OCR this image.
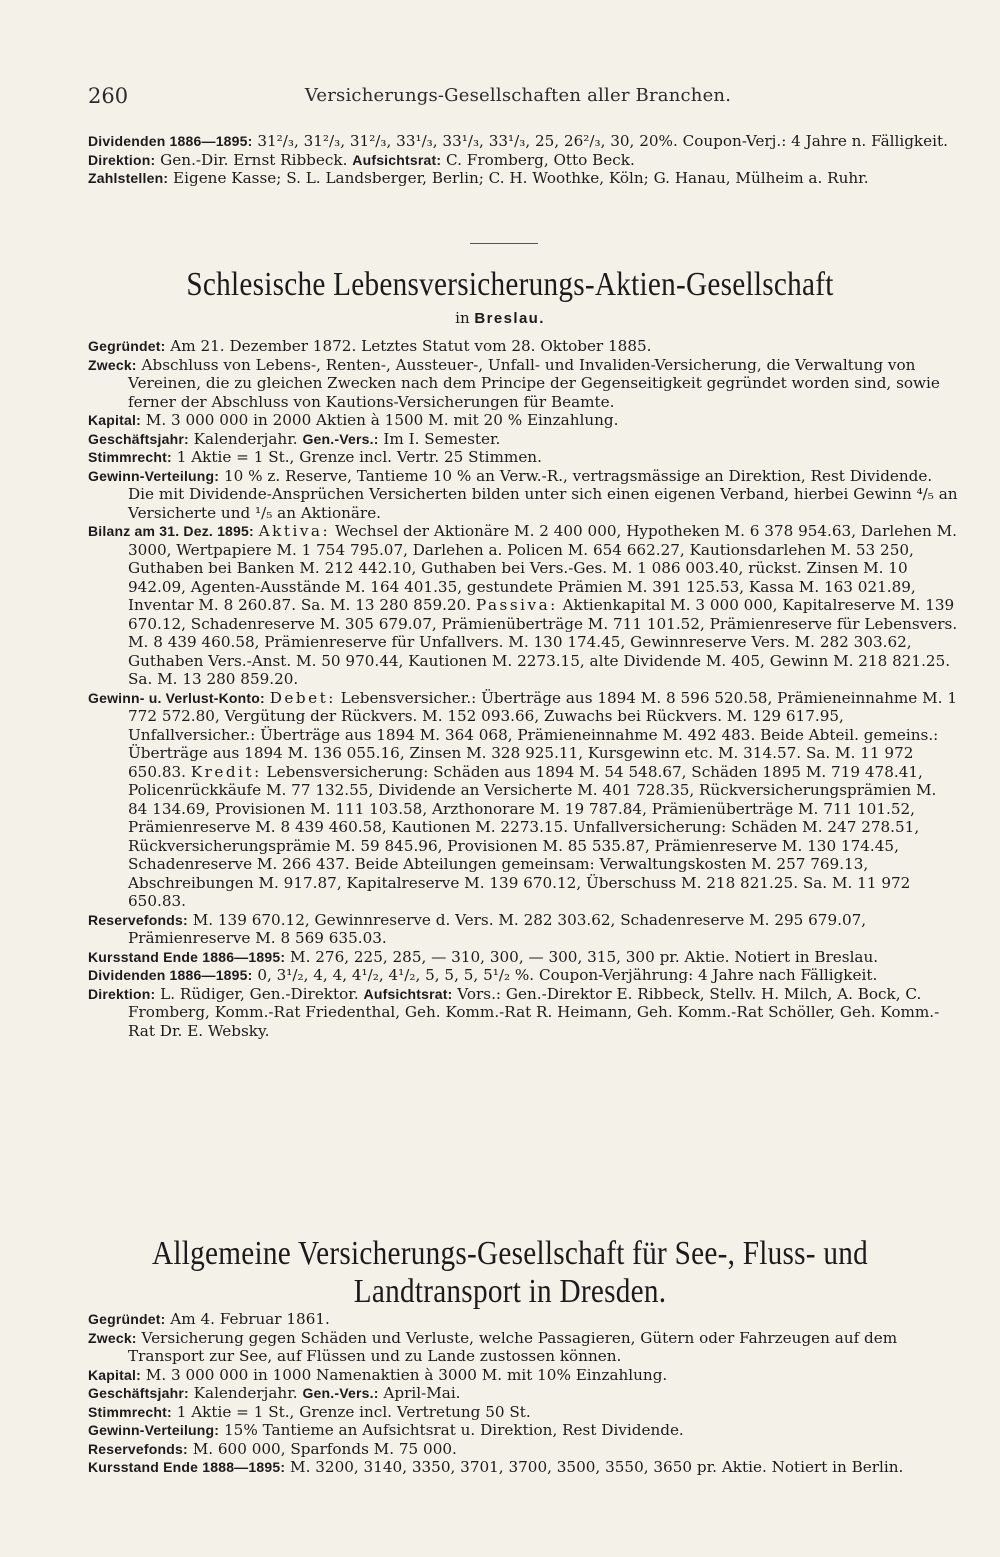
260	Versicherungs-Gesellschaften aller Branchen.

Dividenden 1886—1895: 31²/₃, 31²/₃, 31²/₃, 33¹/₃, 33¹/₃, 33¹/₃, 25, 26²/₃, 30, 20%. Coupon-Verj.: 4 Jahre n. Fälligkeit.

Direktion: Gen.-Dir. Ernst Ribbeck. Aufsichtsrat: C. Fromberg, Otto Beck.

Zahlstellen: Eigene Kasse; S. L. Landsberger, Berlin; C. H. Woothke, Köln; G. Hanau, Mülheim a. Ruhr.

Schlesische Lebensversicherungs-Aktien-Gesellschaft
in Breslau.

Gegründet: Am 21. Dezember 1872. Letztes Statut vom 28. Oktober 1885.

Zweck: Abschluss von Lebens-, Renten-, Aussteuer-, Unfall- und Invaliden-Versicherung, die Verwaltung von Vereinen, die zu gleichen Zwecken nach dem Principe der Gegenseitigkeit gegründet worden sind, sowie ferner der Abschluss von Kautions-Versicherungen für Beamte.

Kapital: M. 3 000 000 in 2000 Aktien à 1500 M. mit 20 % Einzahlung.

Geschäftsjahr: Kalenderjahr. Gen.-Vers.: Im I. Semester.

Stimmrecht: 1 Aktie = 1 St., Grenze incl. Vertr. 25 Stimmen.

Gewinn-Verteilung: 10 % z. Reserve, Tantieme 10 % an Verw.-R., vertragsmässige an Direktion, Rest Dividende. Die mit Dividende-Ansprüchen Versicherten bilden unter sich einen eigenen Verband, hierbei Gewinn ⁴/₅ an Versicherte und ¹/₅ an Aktionäre.

Bilanz am 31. Dez. 1895: Aktiva: Wechsel der Aktionäre M. 2 400 000, Hypotheken M. 6 378 954.63, Darlehen M. 3000, Wertpapiere M. 1 754 795.07, Darlehen a. Policen M. 654 662.27, Kautionsdarlehen M. 53 250, Guthaben bei Banken M. 212 442.10, Guthaben bei Vers.-Ges. M. 1 086 003.40, rückst. Zinsen M. 10 942.09, Agenten-Ausstände M. 164 401.35, gestundete Prämien M. 391 125.53, Kassa M. 163 021.89, Inventar M. 8 260.87. Sa. M. 13 280 859.20. Passiva: Aktienkapital M. 3 000 000, Kapitalreserve M. 139 670.12, Schadenreserve M. 305 679.07, Prämienüberträge M. 711 101.52, Prämienreserve für Lebensvers. M. 8 439 460.58, Prämienreserve für Unfallvers. M. 130 174.45, Gewinnreserve Vers. M. 282 303.62, Guthaben Vers.-Anst. M. 50 970.44, Kautionen M. 2273.15, alte Dividende M. 405, Gewinn M. 218 821.25. Sa. M. 13 280 859.20.

Gewinn- u. Verlust-Konto: Debet: Lebensversicher.: Überträge aus 1894 M. 8 596 520.58, Prämieneinnahme M. 1 772 572.80, Vergütung der Rückvers. M. 152 093.66, Zuwachs bei Rückvers. M. 129 617.95, Unfallversicher.: Überträge aus 1894 M. 364 068, Prämieneinnahme M. 492 483. Beide Abteil. gemeins.: Überträge aus 1894 M. 136 055.16, Zinsen M. 328 925.11, Kursgewinn etc. M. 314.57. Sa. M. 11 972 650.83. Kredit: Lebensversicherung: Schäden aus 1894 M. 54 548.67, Schäden 1895 M. 719 478.41, Policenrückkäufe M. 77 132.55, Dividende an Versicherte M. 401 728.35, Rückversicherungsprämien M. 84 134.69, Provisionen M. 111 103.58, Arzthonorare M. 19 787.84, Prämienüberträge M. 711 101.52, Prämienreserve M. 8 439 460.58, Kautionen M. 2273.15. Unfallversicherung: Schäden M. 247 278.51, Rückversicherungsprämie M. 59 845.96, Provisionen M. 85 535.87, Prämienreserve M. 130 174.45, Schadenreserve M. 266 437. Beide Abteilungen gemeinsam: Verwaltungskosten M. 257 769.13, Abschreibungen M. 917.87, Kapitalreserve M. 139 670.12, Überschuss M. 218 821.25. Sa. M. 11 972 650.83.

Reservefonds: M. 139 670.12, Gewinnreserve d. Vers. M. 282 303.62, Schadenreserve M. 295 679.07, Prämienreserve M. 8 569 635.03.

Kursstand Ende 1886—1895: M. 276, 225, 285, — 310, 300, — 300, 315, 300 pr. Aktie. Notiert in Breslau.

Dividenden 1886—1895: 0, 3¹/₂, 4, 4, 4¹/₂, 4¹/₂, 5, 5, 5, 5¹/₂ %. Coupon-Verjährung: 4 Jahre nach Fälligkeit.

Direktion: L. Rüdiger, Gen.-Direktor. Aufsichtsrat: Vors.: Gen.-Direktor E. Ribbeck, Stellv. H. Milch, A. Bock, C. Fromberg, Komm.-Rat Friedenthal, Geh. Komm.-Rat R. Heimann, Geh. Komm.-Rat Schöller, Geh. Komm.-Rat Dr. E. Websky.

Allgemeine Versicherungs-Gesellschaft für See-, Fluss- und
Landtransport in Dresden.

Gegründet: Am 4. Februar 1861.

Zweck: Versicherung gegen Schäden und Verluste, welche Passagieren, Gütern oder Fahrzeugen auf dem Transport zur See, auf Flüssen und zu Lande zustossen können.

Kapital: M. 3 000 000 in 1000 Namenaktien à 3000 M. mit 10% Einzahlung.

Geschäftsjahr: Kalenderjahr. Gen.-Vers.: April-Mai.

Stimmrecht: 1 Aktie = 1 St., Grenze incl. Vertretung 50 St.

Gewinn-Verteilung: 15% Tantieme an Aufsichtsrat u. Direktion, Rest Dividende.

Reservefonds: M. 600 000, Sparfonds M. 75 000.

Kursstand Ende 1888—1895: M. 3200, 3140, 3350, 3701, 3700, 3500, 3550, 3650 pr. Aktie. Notiert in Berlin.
